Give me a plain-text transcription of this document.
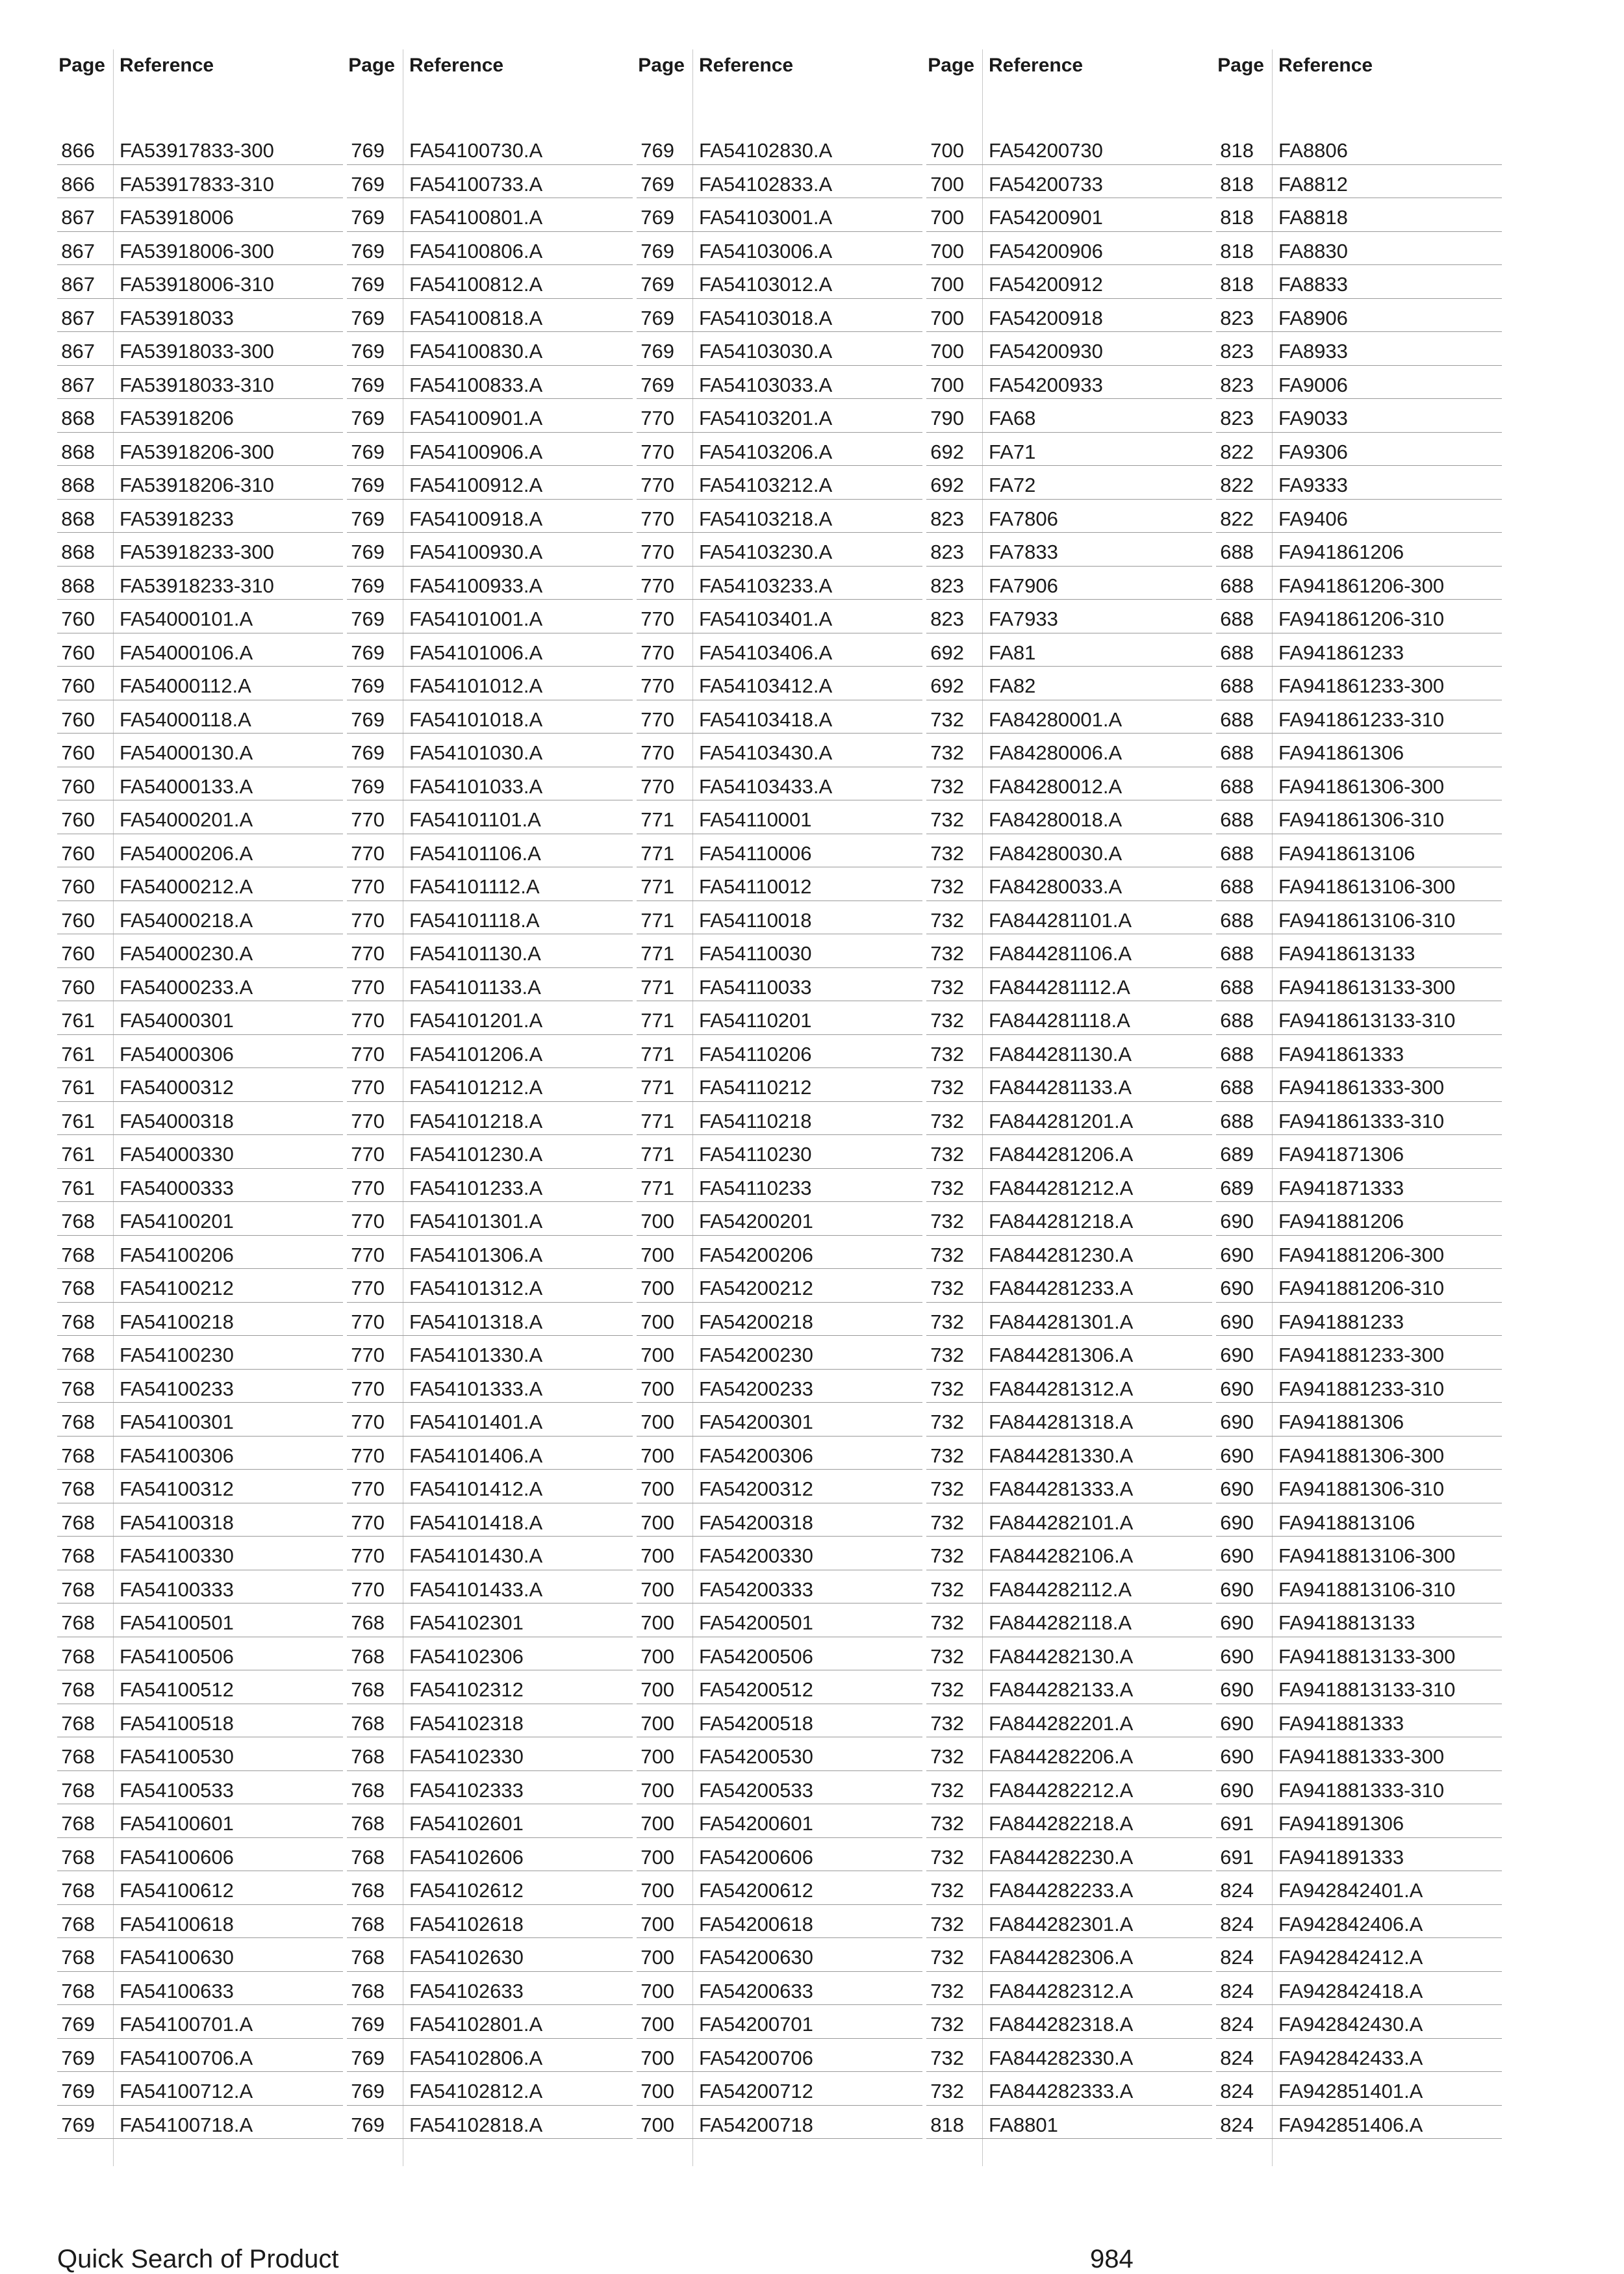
Page Reference
866 FA53917833-300
866 FA53917833-310
867 FA53918006
867 FA53918006-300
867 FA53918006-310
867 FA53918033
867 FA53918033-300
867 FA53918033-310
868 FA53918206
868 FA53918206-300
868 FA53918206-310
868 FA53918233
868 FA53918233-300
868 FA53918233-310
760 FA54000101.A
760 FA54000106.A
760 FA54000112.A
760 FA54000118.A
760 FA54000130.A
760 FA54000133.A
760 FA54000201.A
760 FA54000206.A
760 FA54000212.A
760 FA54000218.A
760 FA54000230.A
760 FA54000233.A
761 FA54000301
761 FA54000306
761 FA54000312
761 FA54000318
761 FA54000330
761 FA54000333
768 FA54100201
768 FA54100206
768 FA54100212
768 FA54100218
768 FA54100230
768 FA54100233
768 FA54100301
768 FA54100306
768 FA54100312
768 FA54100318
768 FA54100330
768 FA54100333
768 FA54100501
768 FA54100506
768 FA54100512
768 FA54100518
768 FA54100530
768 FA54100533
768 FA54100601
768 FA54100606
768 FA54100612
768 FA54100618
768 FA54100630
768 FA54100633
769 FA54100701.A
769 FA54100706.A
769 FA54100712.A
769 FA54100718.A
Page Reference
769 FA54100730.A
769 FA54100733.A
769 FA54100801.A
769 FA54100806.A
769 FA54100812.A
769 FA54100818.A
769 FA54100830.A
769 FA54100833.A
769 FA54100901.A
769 FA54100906.A
769 FA54100912.A
769 FA54100918.A
769 FA54100930.A
769 FA54100933.A
769 FA54101001.A
769 FA54101006.A
769 FA54101012.A
769 FA54101018.A
769 FA54101030.A
769 FA54101033.A
770 FA54101101.A
770 FA54101106.A
770 FA54101112.A
770 FA54101118.A
770 FA54101130.A
770 FA54101133.A
770 FA54101201.A
770 FA54101206.A
770 FA54101212.A
770 FA54101218.A
770 FA54101230.A
770 FA54101233.A
770 FA54101301.A
770 FA54101306.A
770 FA54101312.A
770 FA54101318.A
770 FA54101330.A
770 FA54101333.A
770 FA54101401.A
770 FA54101406.A
770 FA54101412.A
770 FA54101418.A
770 FA54101430.A
770 FA54101433.A
768 FA54102301
768 FA54102306
768 FA54102312
768 FA54102318
768 FA54102330
768 FA54102333
768 FA54102601
768 FA54102606
768 FA54102612
768 FA54102618
768 FA54102630
768 FA54102633
769 FA54102801.A
769 FA54102806.A
769 FA54102812.A
769 FA54102818.A
Page Reference
769 FA54102830.A
769 FA54102833.A
769 FA54103001.A
769 FA54103006.A
769 FA54103012.A
769 FA54103018.A
769 FA54103030.A
769 FA54103033.A
770 FA54103201.A
770 FA54103206.A
770 FA54103212.A
770 FA54103218.A
770 FA54103230.A
770 FA54103233.A
770 FA54103401.A
770 FA54103406.A
770 FA54103412.A
770 FA54103418.A
770 FA54103430.A
770 FA54103433.A
771 FA54110001
771 FA54110006
771 FA54110012
771 FA54110018
771 FA54110030
771 FA54110033
771 FA54110201
771 FA54110206
771 FA54110212
771 FA54110218
771 FA54110230
771 FA54110233
700 FA54200201
700 FA54200206
700 FA54200212
700 FA54200218
700 FA54200230
700 FA54200233
700 FA54200301
700 FA54200306
700 FA54200312
700 FA54200318
700 FA54200330
700 FA54200333
700 FA54200501
700 FA54200506
700 FA54200512
700 FA54200518
700 FA54200530
700 FA54200533
700 FA54200601
700 FA54200606
700 FA54200612
700 FA54200618
700 FA54200630
700 FA54200633
700 FA54200701
700 FA54200706
700 FA54200712
700 FA54200718
Page Reference
700 FA54200730
700 FA54200733
700 FA54200901
700 FA54200906
700 FA54200912
700 FA54200918
700 FA54200930
700 FA54200933
790 FA68
692 FA71
692 FA72
823 FA7806
823 FA7833
823 FA7906
823 FA7933
692 FA81
692 FA82
732 FA84280001.A
732 FA84280006.A
732 FA84280012.A
732 FA84280018.A
732 FA84280030.A
732 FA84280033.A
732 FA844281101.A
732 FA844281106.A
732 FA844281112.A
732 FA844281118.A
732 FA844281130.A
732 FA844281133.A
732 FA844281201.A
732 FA844281206.A
732 FA844281212.A
732 FA844281218.A
732 FA844281230.A
732 FA844281233.A
732 FA844281301.A
732 FA844281306.A
732 FA844281312.A
732 FA844281318.A
732 FA844281330.A
732 FA844281333.A
732 FA844282101.A
732 FA844282106.A
732 FA844282112.A
732 FA844282118.A
732 FA844282130.A
732 FA844282133.A
732 FA844282201.A
732 FA844282206.A
732 FA844282212.A
732 FA844282218.A
732 FA844282230.A
732 FA844282233.A
732 FA844282301.A
732 FA844282306.A
732 FA844282312.A
732 FA844282318.A
732 FA844282330.A
732 FA844282333.A
818 FA8801
Page Reference
818 FA8806
818 FA8812
818 FA8818
818 FA8830
818 FA8833
823 FA8906
823 FA8933
823 FA9006
823 FA9033
822 FA9306
822 FA9333
822 FA9406
688 FA941861206
688 FA941861206-300
688 FA941861206-310
688 FA941861233
688 FA941861233-300
688 FA941861233-310
688 FA941861306
688 FA941861306-300
688 FA941861306-310
688 FA9418613106
688 FA9418613106-300
688 FA9418613106-310
688 FA9418613133
688 FA9418613133-300
688 FA9418613133-310
688 FA941861333
688 FA941861333-300
688 FA941861333-310
689 FA941871306
689 FA941871333
690 FA941881206
690 FA941881206-300
690 FA941881206-310
690 FA941881233
690 FA941881233-300
690 FA941881233-310
690 FA941881306
690 FA941881306-300
690 FA941881306-310
690 FA9418813106
690 FA9418813106-300
690 FA9418813106-310
690 FA9418813133
690 FA9418813133-300
690 FA9418813133-310
690 FA941881333
690 FA941881333-300
690 FA941881333-310
691 FA941891306
691 FA941891333
824 FA942842401.A
824 FA942842406.A
824 FA942842412.A
824 FA942842418.A
824 FA942842430.A
824 FA942842433.A
824 FA942851401.A
824 FA942851406.A
Quick Search of Product	984
